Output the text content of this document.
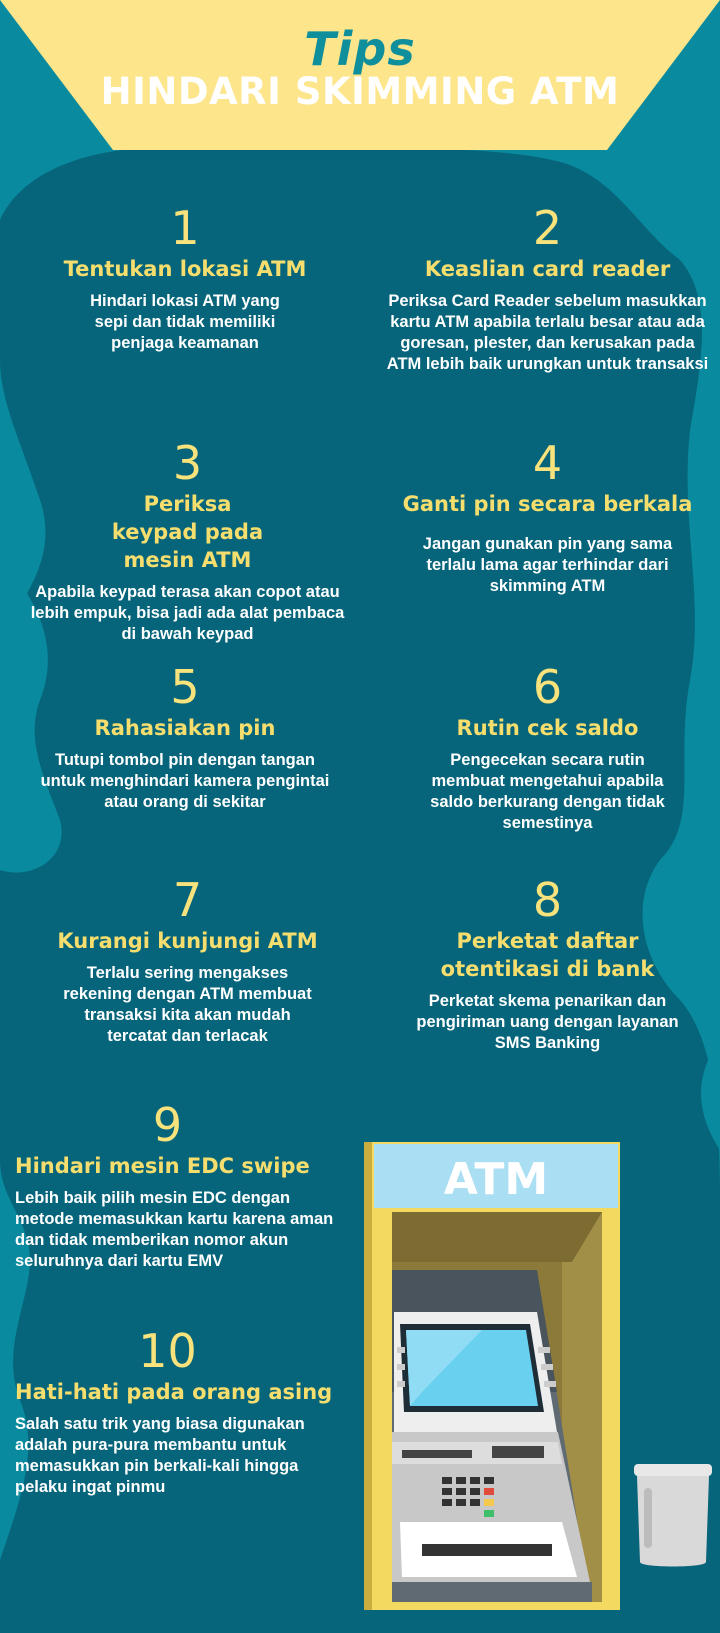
Tips
HINDARI SKIMMING ATM
1
Tentukan lokasi ATM
Hindari lokasi ATM yang sepi dan tidak memiliki penjaga keamanan
2
Keaslian card reader
Periksa Card Reader sebelum masukkan kartu ATM apabila terlalu besar atau ada goresan, plester, dan kerusakan pada ATM lebih baik urungkan untuk transaksi
3
Periksa keypad pada mesin ATM
Apabila keypad terasa akan copot atau lebih empuk, bisa jadi ada alat pembaca di bawah keypad
4
Ganti pin secara berkala
Jangan gunakan pin yang sama terlalu lama agar terhindar dari skimming ATM
5
Rahasiakan pin
Tutupi tombol pin dengan tangan untuk menghindari kamera pengintai atau orang di sekitar
6
Rutin cek saldo
Pengecekan secara rutin membuat mengetahui apabila saldo berkurang dengan tidak semestinya
7
Kurangi kunjungi ATM
Terlalu sering mengakses rekening dengan ATM membuat transaksi kita akan mudah tercatat dan terlacak
8
Perketat daftar otentikasi di bank
Perketat skema penarikan dan pengiriman uang dengan layanan SMS Banking
9
Hindari mesin EDC swipe
Lebih baik pilih mesin EDC dengan metode memasukkan kartu karena aman dan tidak memberikan nomor akun seluruhnya dari kartu EMV
10
Hati-hati pada orang asing
Salah satu trik yang biasa digunakan adalah pura-pura membantu untuk memasukkan pin berkali-kali hingga pelaku ingat pinmu
ATM
